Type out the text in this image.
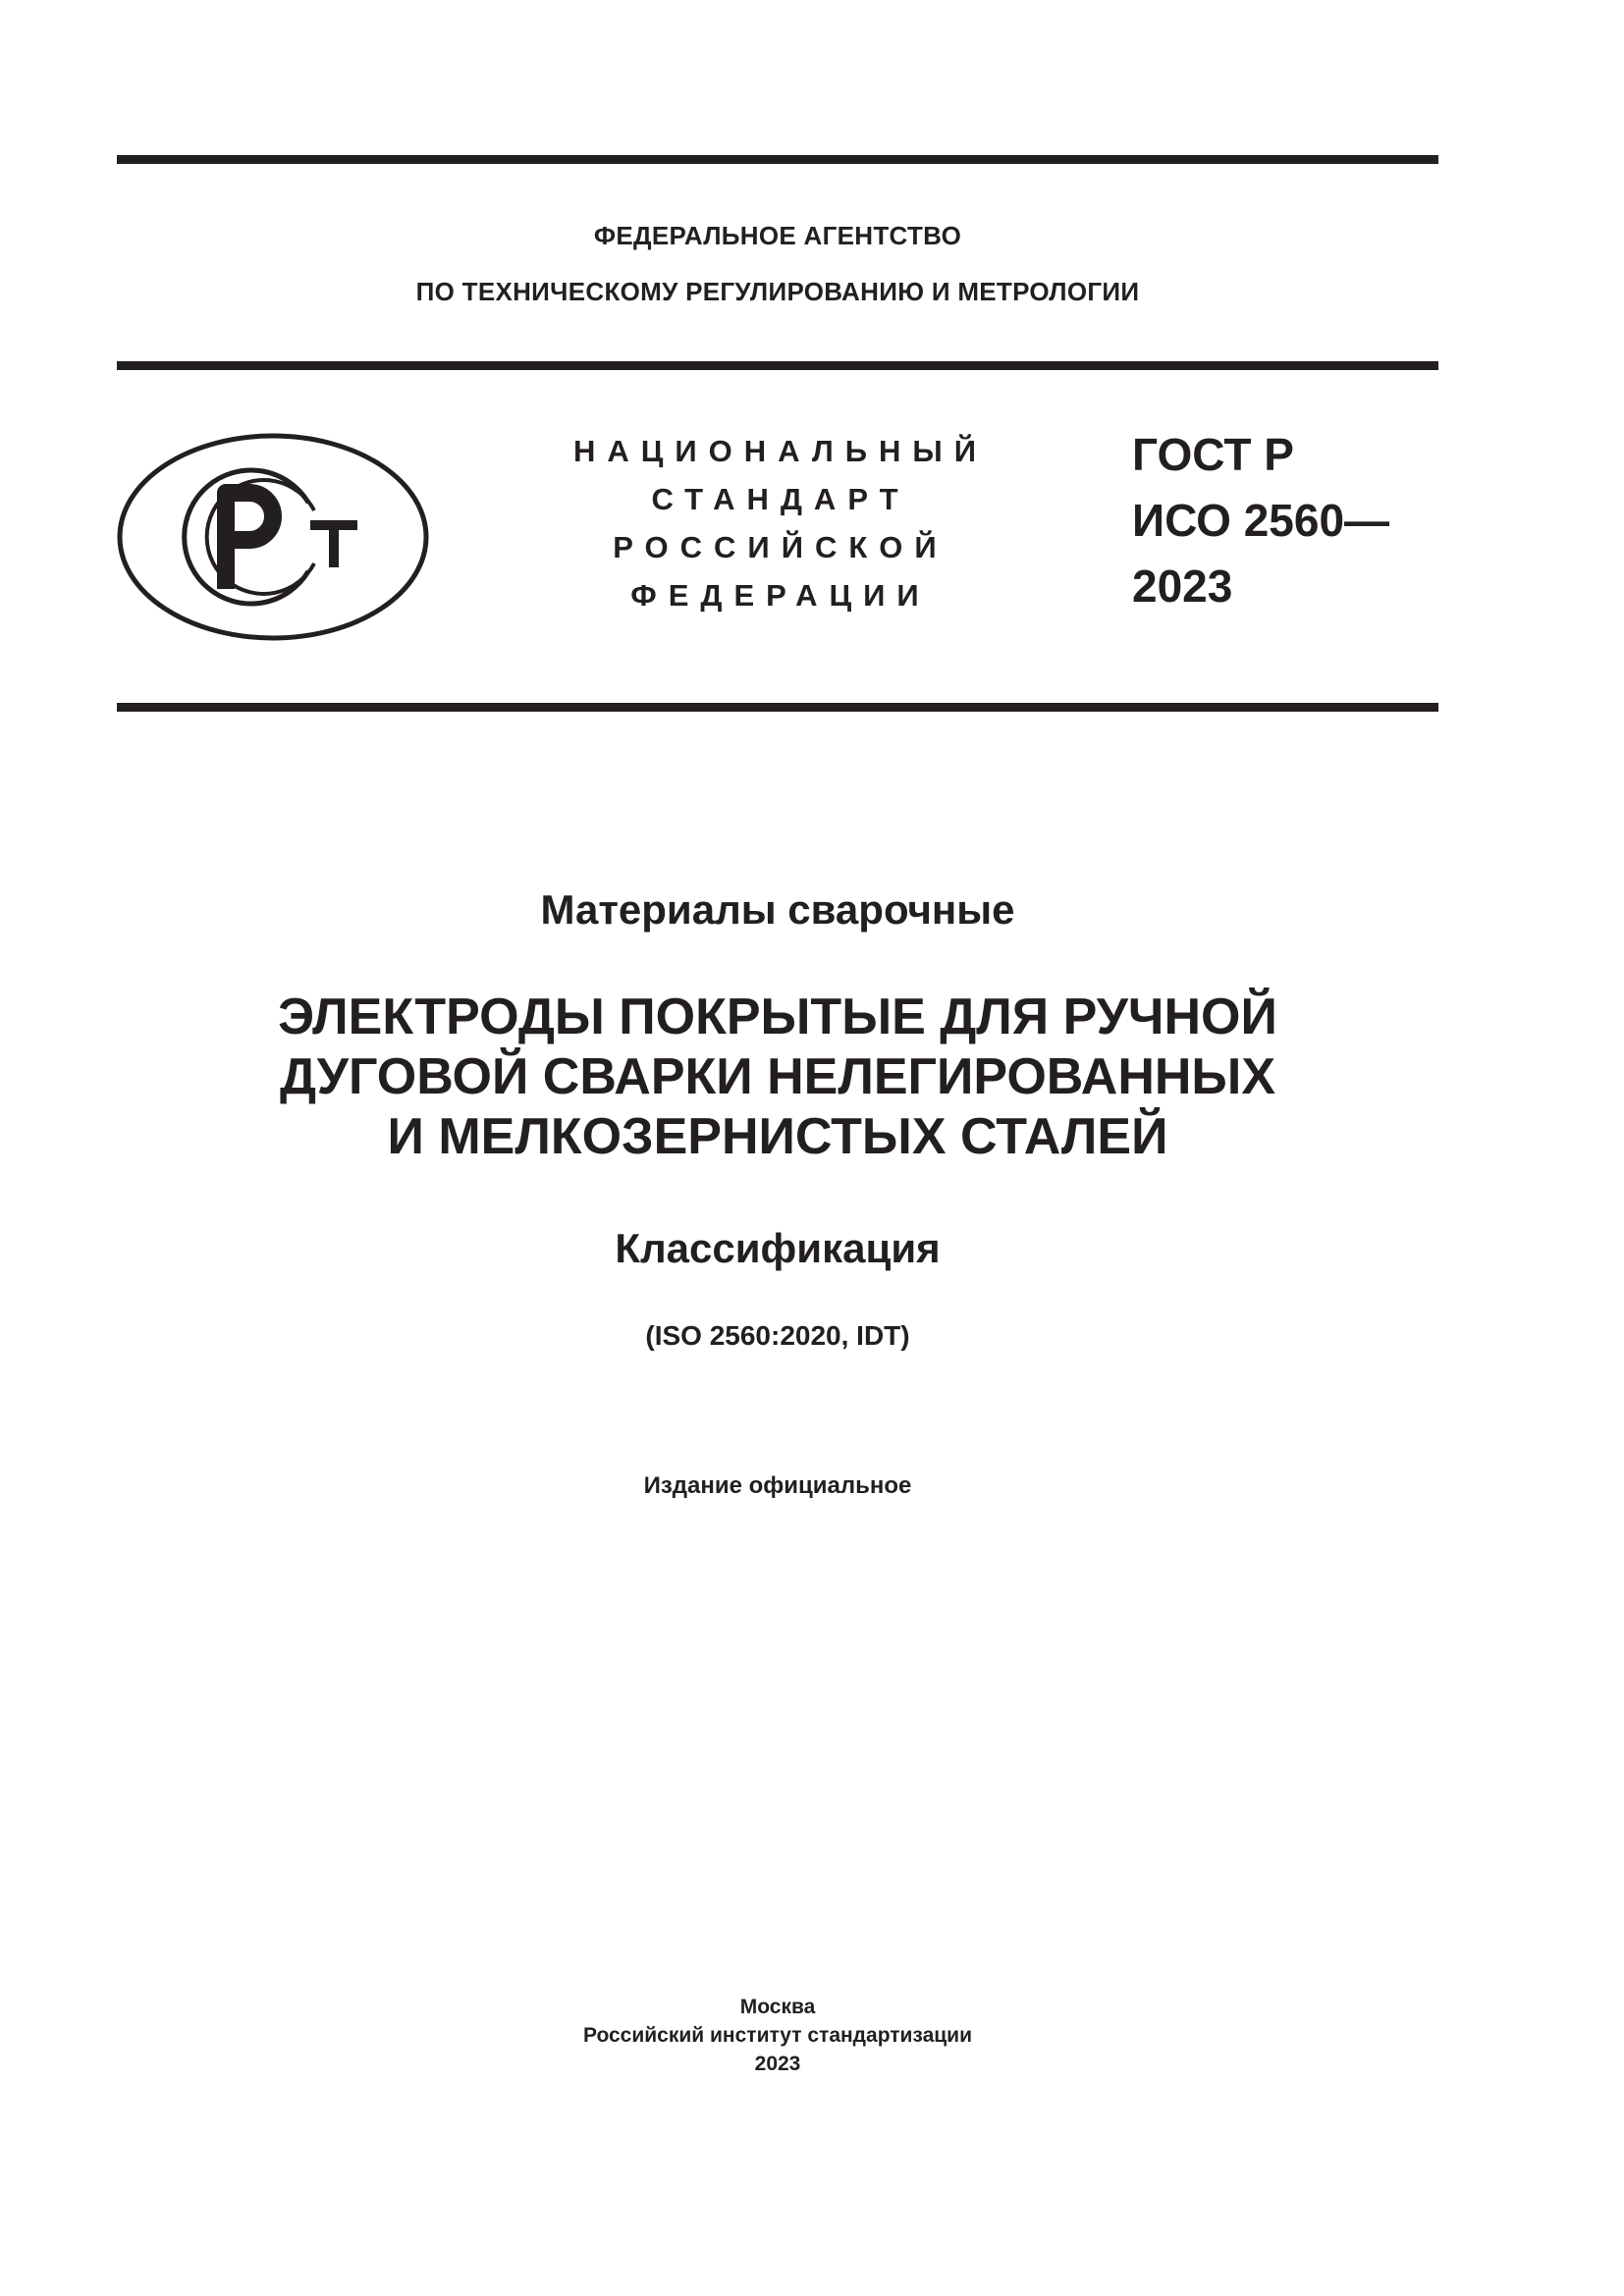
ФЕДЕРАЛЬНОЕ АГЕНТСТВО
ПО ТЕХНИЧЕСКОМУ РЕГУЛИРОВАНИЮ И МЕТРОЛОГИИ
НАЦИОНАЛЬНЫЙ
СТАНДАРТ
РОССИЙСКОЙ
ФЕДЕРАЦИИ
ГОСТ Р
ИСО 2560—
2023
Материалы сварочные
ЭЛЕКТРОДЫ ПОКРЫТЫЕ ДЛЯ РУЧНОЙ
ДУГОВОЙ СВАРКИ НЕЛЕГИРОВАННЫХ
И МЕЛКОЗЕРНИСТЫХ СТАЛЕЙ
Классификация
(ISO 2560:2020, IDT)
Издание официальное
Москва
Российский институт стандартизации
2023
